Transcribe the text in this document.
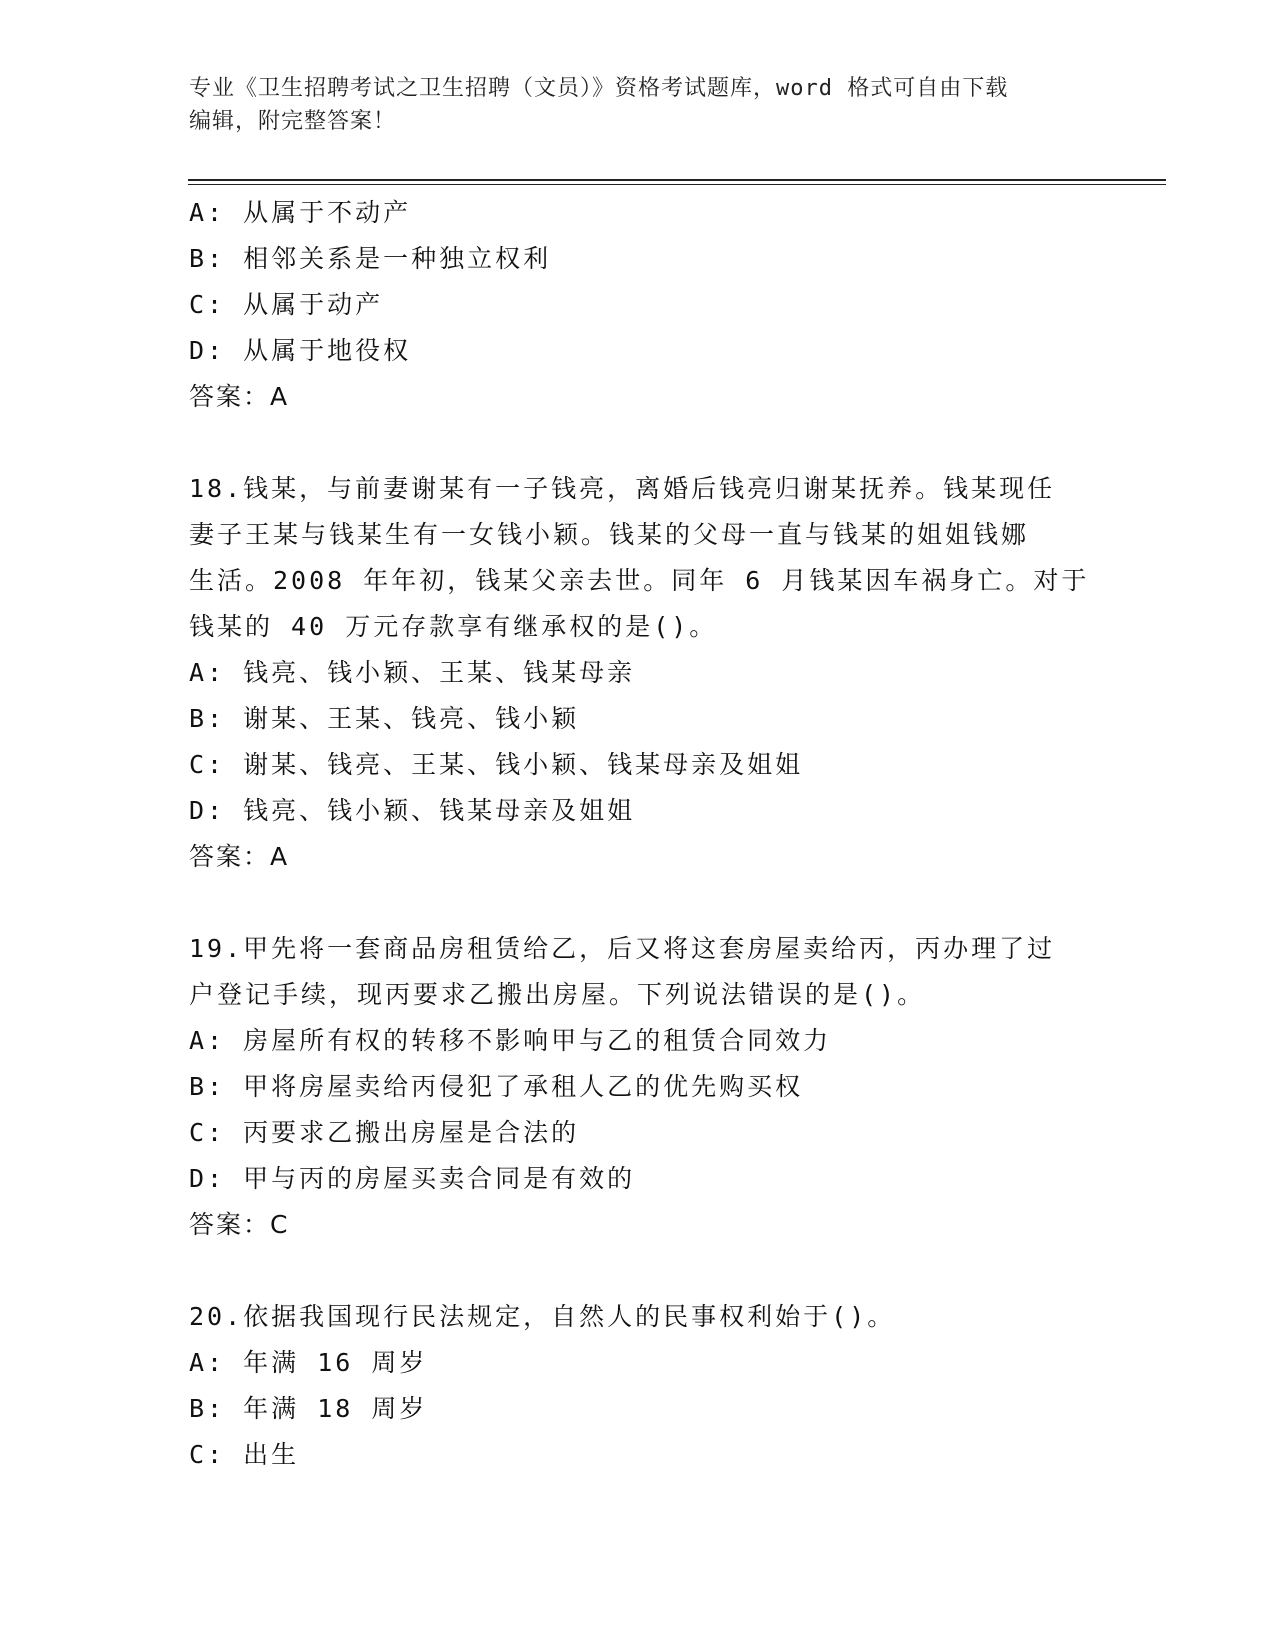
专业《卫生招聘考试之卫生招聘（文员）》资格考试题库，word 格式可自由下载
编辑，附完整答案！
A: 从属于不动产
B: 相邻关系是一种独立权利
C: 从属于动产
D: 从属于地役权
答案：A
18.钱某，与前妻谢某有一子钱亮，离婚后钱亮归谢某抚养。钱某现任
妻子王某与钱某生有一女钱小颖。钱某的父母一直与钱某的姐姐钱娜
生活。2008 年年初，钱某父亲去世。同年 6 月钱某因车祸身亡。对于
钱某的 40 万元存款享有继承权的是()。
A: 钱亮、钱小颖、王某、钱某母亲
B: 谢某、王某、钱亮、钱小颖
C: 谢某、钱亮、王某、钱小颖、钱某母亲及姐姐
D: 钱亮、钱小颖、钱某母亲及姐姐
答案：A
19.甲先将一套商品房租赁给乙，后又将这套房屋卖给丙，丙办理了过
户登记手续，现丙要求乙搬出房屋。下列说法错误的是()。
A: 房屋所有权的转移不影响甲与乙的租赁合同效力
B: 甲将房屋卖给丙侵犯了承租人乙的优先购买权
C: 丙要求乙搬出房屋是合法的
D: 甲与丙的房屋买卖合同是有效的
答案：C
20.依据我国现行民法规定，自然人的民事权利始于()。
A: 年满 16 周岁
B: 年满 18 周岁
C: 出生
